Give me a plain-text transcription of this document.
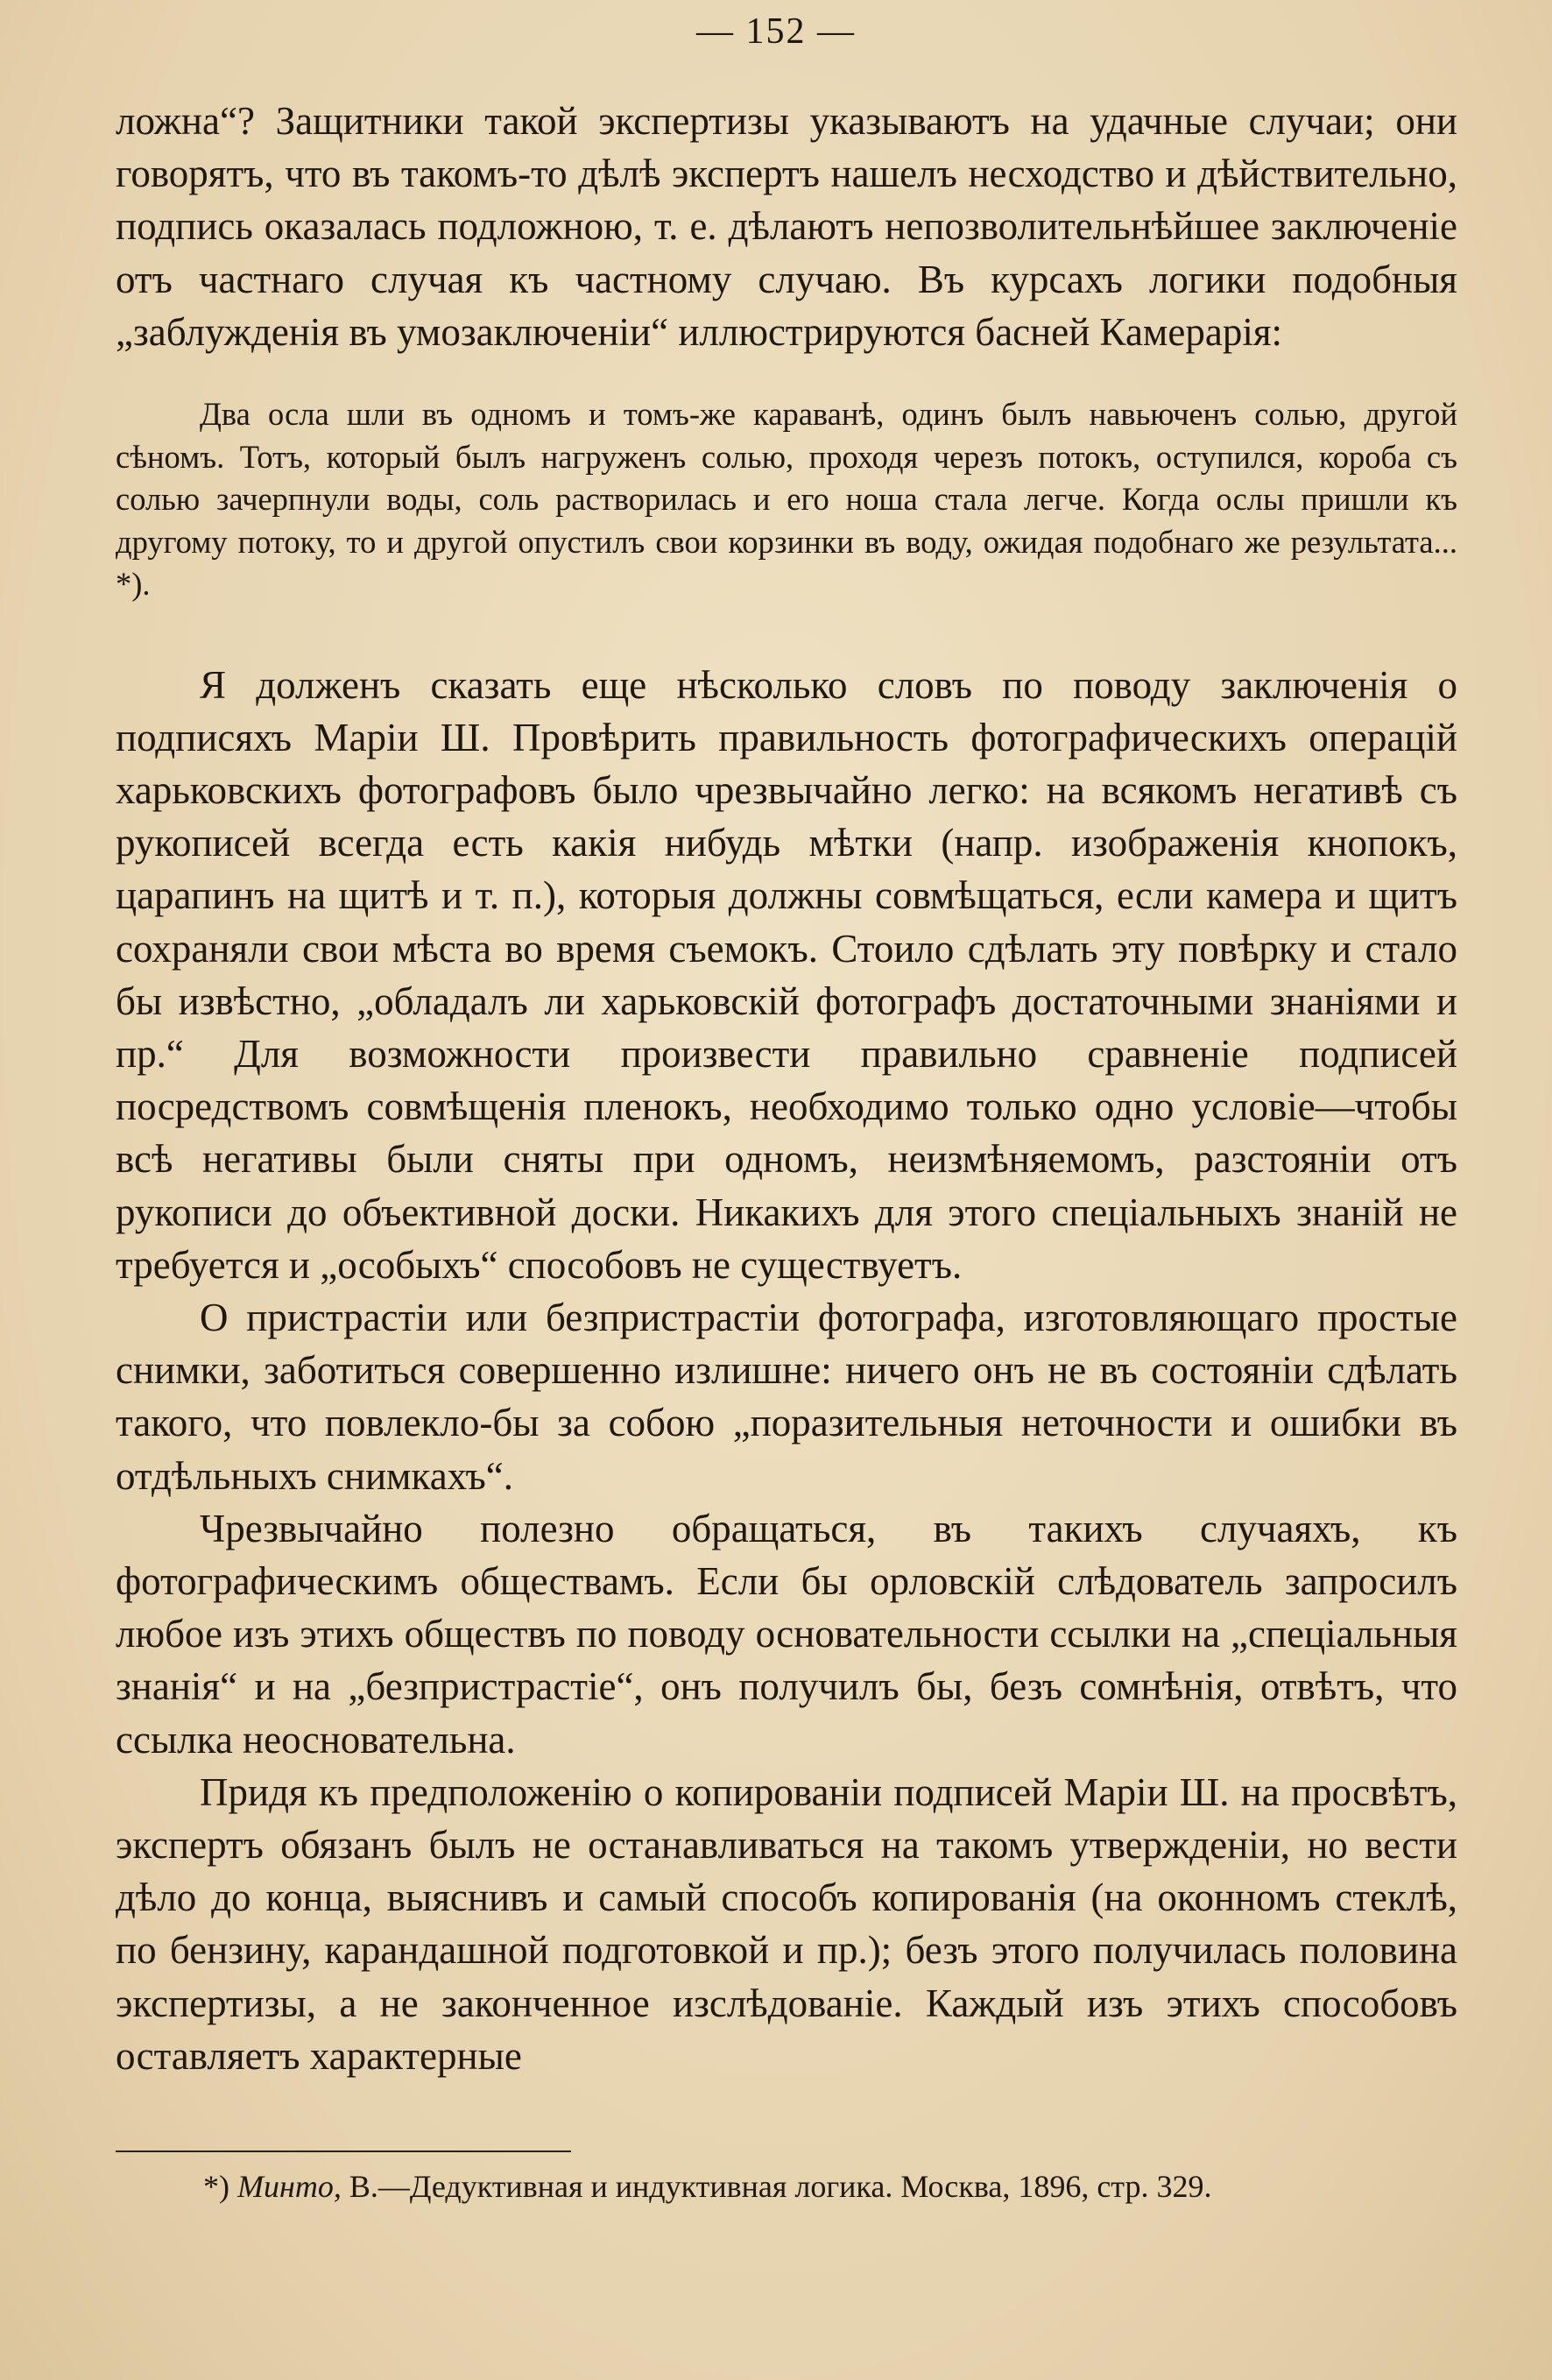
— 152 —

ложна“? Защитники такой экспертизы указываютъ на удачные случаи; они говорятъ, что въ такомъ-то дѣлѣ экспертъ нашелъ несходство и дѣйствительно, подпись оказалась подложною, т. е. дѣлаютъ непозволительнѣйшее заключеніе отъ частнаго случая къ частному случаю. Въ курсахъ логики подобныя „заблужденія въ умозаключеніи“ иллюстрируются басней Камерарія:

Два осла шли въ одномъ и томъ-же караванѣ, одинъ былъ навьюченъ солью, другой сѣномъ. Тотъ, который былъ нагруженъ солью, проходя черезъ потокъ, оступился, короба съ солью зачерпнули воды, соль растворилась и его ноша стала легче. Когда ослы пришли къ другому потоку, то и другой опустилъ свои корзинки въ воду, ожидая подобнаго же результата... *).

Я долженъ сказать еще нѣсколько словъ по поводу заключенія о подписяхъ Маріи Ш. Провѣрить правильность фотографическихъ операцій харьковскихъ фотографовъ было чрезвычайно легко: на всякомъ негативѣ съ рукописей всегда есть какія нибудь мѣтки (напр. изображенія кнопокъ, царапинъ на щитѣ и т. п.), которыя должны совмѣщаться, если камера и щитъ сохраняли свои мѣста во время съемокъ. Стоило сдѣлать эту повѣрку и стало бы извѣстно, „обладалъ ли харьковскій фотографъ достаточными знаніями и пр.“ Для возможности произвести правильно сравненіе подписей посредствомъ совмѣщенія пленокъ, необходимо только одно условіе—чтобы всѣ негативы были сняты при одномъ, неизмѣняемомъ, разстояніи отъ рукописи до объективной доски. Никакихъ для этого спеціальныхъ знаній не требуется и „особыхъ“ способовъ не существуетъ.

О пристрастіи или безпристрастіи фотографа, изготовляющаго простые снимки, заботиться совершенно излишне: ничего онъ не въ состояніи сдѣлать такого, что повлекло-бы за собою „поразительныя неточности и ошибки въ отдѣльныхъ снимкахъ“.

Чрезвычайно полезно обращаться, въ такихъ случаяхъ, къ фотографическимъ обществамъ. Если бы орловскій слѣдователь запросилъ любое изъ этихъ обществъ по поводу основательности ссылки на „спеціальныя знанія“ и на „безпристрастіе“, онъ получилъ бы, безъ сомнѣнія, отвѣтъ, что ссылка неосновательна.

Придя къ предположенію о копированіи подписей Маріи Ш. на просвѣтъ, экспертъ обязанъ былъ не останавливаться на такомъ утвержденіи, но вести дѣло до конца, выяснивъ и самый способъ копированія (на оконномъ стеклѣ, по бензину, карандашной подготовкой и пр.); безъ этого получилась половина экспертизы, а не законченное изслѣдованіе. Каждый изъ этихъ способовъ оставляетъ характерные

*) Минто, В.—Дедуктивная и индуктивная логика. Москва, 1896, стр. 329.
